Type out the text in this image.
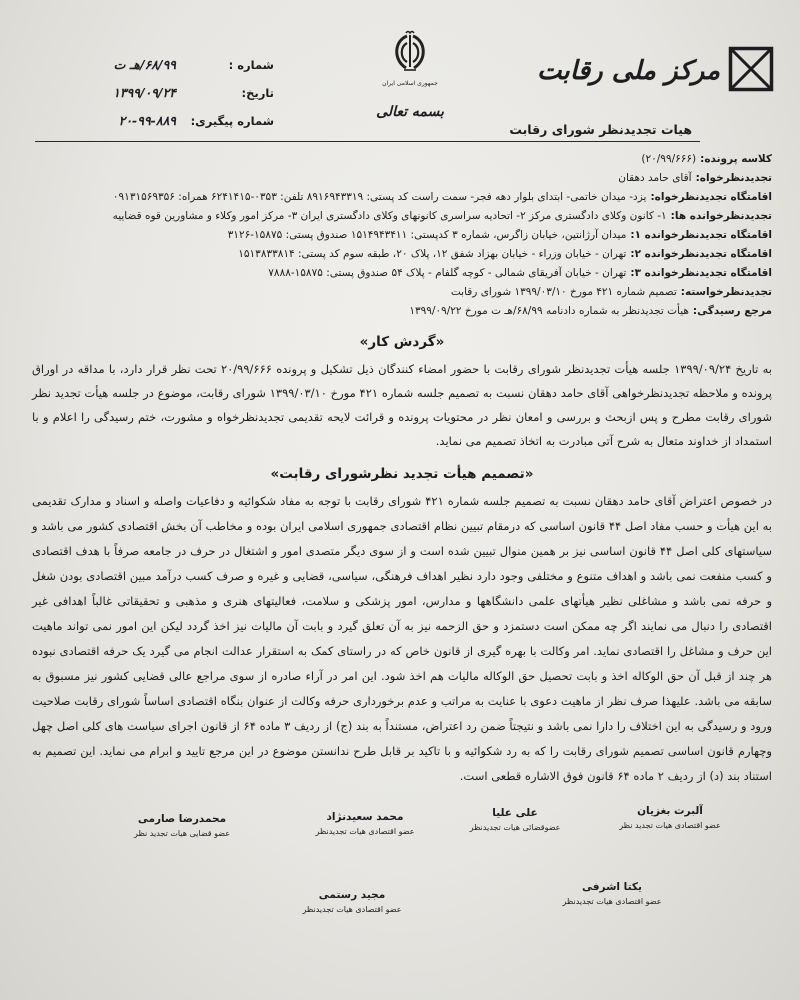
مرکز ملی رقابت
جمهوری اسلامی ایران
بسمه تعالی
شماره :
۶۸/۹۹/هـ ت
تاریخ:
۱۳۹۹/۰۹/۲۴
شماره پیگیری:
۲۰-۹۹-۸۸۹
هیات تجدیدنظر شورای رقابت
کلاسه پرونده:(۲۰/۹۹/۶۶۶)
تجدیدنظرخواه:آقای حامد دهقان
اقامتگاه تجدیدنظرخواه:یزد- میدان خاتمی- ابتدای بلوار دهه فجر- سمت راست کد پستی: ۸۹۱۶۹۴۳۳۱۹ تلفن: ۰۳۵۳-۶۲۴۱۴۱۵ همراه: ۰۹۱۳۱۵۶۹۳۵۶
تجدیدنظرخوانده ها:۱- کانون وکلای دادگستری مرکز ۲- اتحادیه سراسری کانونهای وکلای دادگستری ایران ۳- مرکز امور وکلاء و مشاورین قوه قضاییه
اقامتگاه تجدیدنظرخوانده ۱:میدان آرژانتین، خیابان زاگرس، شماره ۳ کدپستی: ۱۵۱۴۹۴۳۴۱۱ صندوق پستی: ۱۵۸۷۵-۳۱۲۶
اقامتگاه تجدیدنظرخوانده ۲:تهران - خیابان وزراء - خیابان بهزاد شفق ۱۲، پلاک ۲۰، طبقه سوم کد پستی: ۱۵۱۳۸۳۳۸۱۴
اقامتگاه تجدیدنظرخوانده ۳:تهران - خیابان آفریقای شمالی - کوچه گلفام - پلاک ۵۴ صندوق پستی: ۱۵۸۷۵-۷۸۸۸
تجدیدنظرخواسته:تصمیم شماره ۴۲۱ مورخ ۱۳۹۹/۰۳/۱۰ شورای رقابت
مرجع رسیدگی:هیأت تجدیدنظر به شماره دادنامه ۶۸/۹۹/هـ ت مورخ ۱۳۹۹/۰۹/۲۲
«گردش کار»

به تاریخ ۱۳۹۹/۰۹/۲۴ جلسه هیأت تجدیدنظر شورای رقابت با حضور امضاء کنندگان ذیل تشکیل و پرونده ۲۰/۹۹/۶۶۶ تحت نظر قرار دارد، با مداقه در اوراق پرونده و ملاحظه تجدیدنظرخواهی آقای حامد دهقان نسبت به تصمیم جلسه شماره ۴۲۱ مورخ ۱۳۹۹/۰۳/۱۰ شورای رقابت، موضوع در جلسه هیأت تجدید نظر شورای رقابت مطرح و پس ازبحث و بررسی و امعان نظر در محتویات پرونده و قرائت لایحه تقدیمی تجدیدنظرخواه و مشورت، ختم رسیدگی را اعلام و با استمداد از خداوند متعال به شرح آتی مبادرت به اتخاذ تصمیم می نماید.

«تصمیم هیأت تجدید نظرشورای رقابت»

در خصوص اعتراض آقای حامد دهقان نسبت به تصمیم جلسه شماره ۴۲۱ شورای رقابت با توجه به مفاد شکوائیه و دفاعیات واصله و اسناد و مدارک تقدیمی به این هیأت و حسب مفاد اصل ۴۴ قانون اساسی که درمقام تبیین نظام اقتصادی جمهوری اسلامی ایران بوده و مخاطب آن بخش اقتصادی کشور می باشد و سیاستهای کلی اصل ۴۴ قانون اساسی نیز بر همین منوال تبیین شده است و از سوی دیگر متصدی امور و اشتغال در حرف در جامعه صرفاً با هدف اقتصادی و کسب منفعت نمی باشد و اهداف متنوع و مختلفی وجود دارد نظیر اهداف فرهنگی، سیاسی، قضایی و غیره و صرف کسب درآمد مبین اقتصادی بودن شغل و حرفه نمی باشد و مشاغلی نظیر هیأتهای علمی دانشگاهها و مدارس، امور پزشکی و سلامت، فعالیتهای هنری و مذهبی و تحقیقاتی غالباً اهدافی غیر اقتصادی را دنبال می نمایند اگر چه ممکن است دستمزد و حق الزحمه نیز به آن تعلق گیرد و بابت آن مالیات نیز اخذ گردد لیکن این امور نمی تواند ماهیت این حرف و مشاغل را اقتصادی نماید. امر وکالت با بهره گیری از قانون خاص که در راستای کمک به استقرار عدالت انجام می گیرد یک حرفه اقتصادی نبوده هر چند از قبل آن حق الوکاله اخذ و بابت تحصیل حق الوکاله مالیات هم اخذ شود. این امر در آراء صادره از سوی مراجع عالی قضایی کشور نیز مسبوق به سابقه می باشد. علیهذا صرف نظر از ماهیت دعوی با عنایت به مراتب و عدم برخورداری حرفه وکالت از عنوان بنگاه اقتصادی اساساً شورای رقابت صلاحیت ورود و رسیدگی به این اختلاف را دارا نمی باشد و نتیجتاً ضمن رد اعتراض، مستنداً به بند (ج) از ردیف ۳ ماده ۶۴ از قانون اجرای سیاست های کلی اصل چهل وچهارم قانون اساسی تصمیم شورای رقابت را که به رد شکوائیه و با تاکید بر قابل طرح ندانستن موضوع در این مرجع تایید و ابرام می نماید. این تصمیم به استناد بند (د) از ردیف ۲ ماده ۶۴ قانون فوق الاشاره قطعی است.

آلبرت بغزیان
عضو اقتصادی هیات تجدید نظر
علی علیا
عضوقضائی هیات تجدیدنظر
محمد سعیدنژاد
عضو اقتصادی هیات تجدیدنظر
محمدرضا صارمی
عضو قضایی هیات تجدید نظر
یکتا اشرفی
عضو اقتصادی هیات تجدیدنظر
مجید رستمی
عضو اقتصادی هیات تجدیدنظر
